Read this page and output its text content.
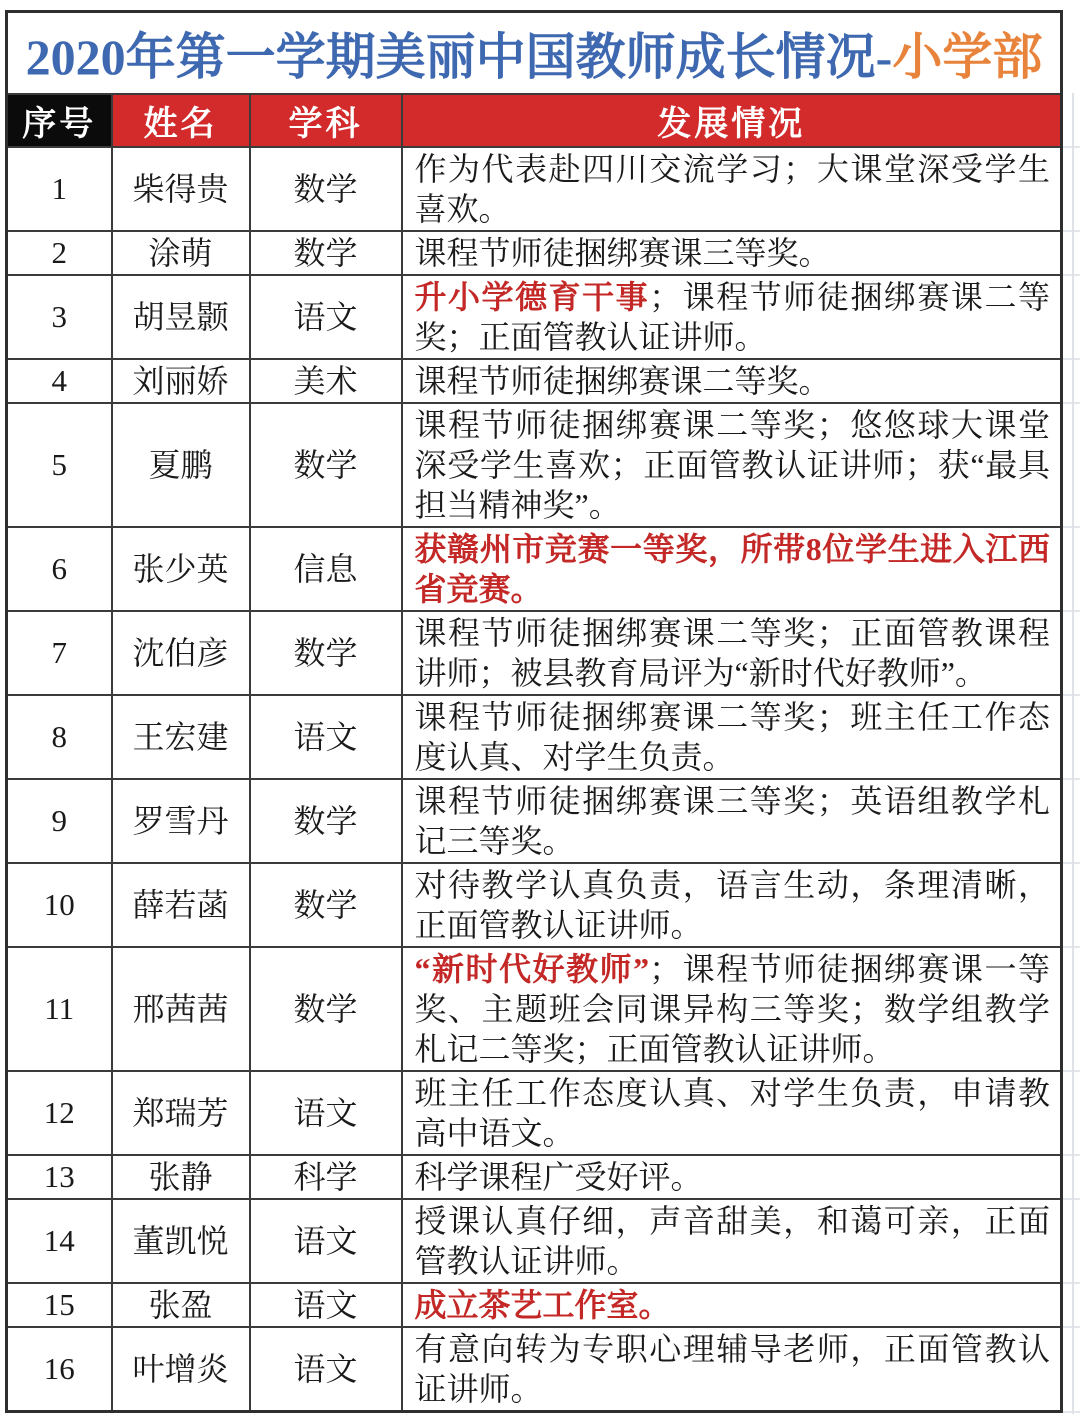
2020年第一学期美丽中国教师成长情况-小学部			
序号	姓名	学科	发展情况
1	柴得贵	数学	作为代表赴四川交流学习；大课堂深受学生喜欢。
2	涂萌	数学	课程节师徒捆绑赛课三等奖。
3	胡昱颢	语文	升小学德育干事；课程节师徒捆绑赛课二等奖；正面管教认证讲师。
4	刘丽娇	美术	课程节师徒捆绑赛课二等奖。
5	夏鹏	数学	课程节师徒捆绑赛课二等奖；悠悠球大课堂深受学生喜欢；正面管教认证讲师；获“最具担当精神奖”。
6	张少英	信息	获赣州市竞赛一等奖，所带8位学生进入江西省竞赛。
7	沈伯彦	数学	课程节师徒捆绑赛课二等奖；正面管教课程讲师；被县教育局评为“新时代好教师”。
8	王宏建	语文	课程节师徒捆绑赛课二等奖；班主任工作态度认真、对学生负责。
9	罗雪丹	数学	课程节师徒捆绑赛课三等奖；英语组教学札记三等奖。
10	薛若菡	数学	对待教学认真负责，语言生动，条理清晰，正面管教认证讲师。
11	邢茜茜	数学	“新时代好教师”；课程节师徒捆绑赛课一等奖、主题班会同课异构三等奖；数学组教学札记二等奖；正面管教认证讲师。
12	郑瑞芳	语文	班主任工作态度认真、对学生负责，申请教高中语文。
13	张静	科学	科学课程广受好评。
14	董凯悦	语文	授课认真仔细，声音甜美，和蔼可亲，正面管教认证讲师。
15	张盈	语文	成立茶艺工作室。
16	叶增炎	语文	有意向转为专职心理辅导老师，正面管教认证讲师。
